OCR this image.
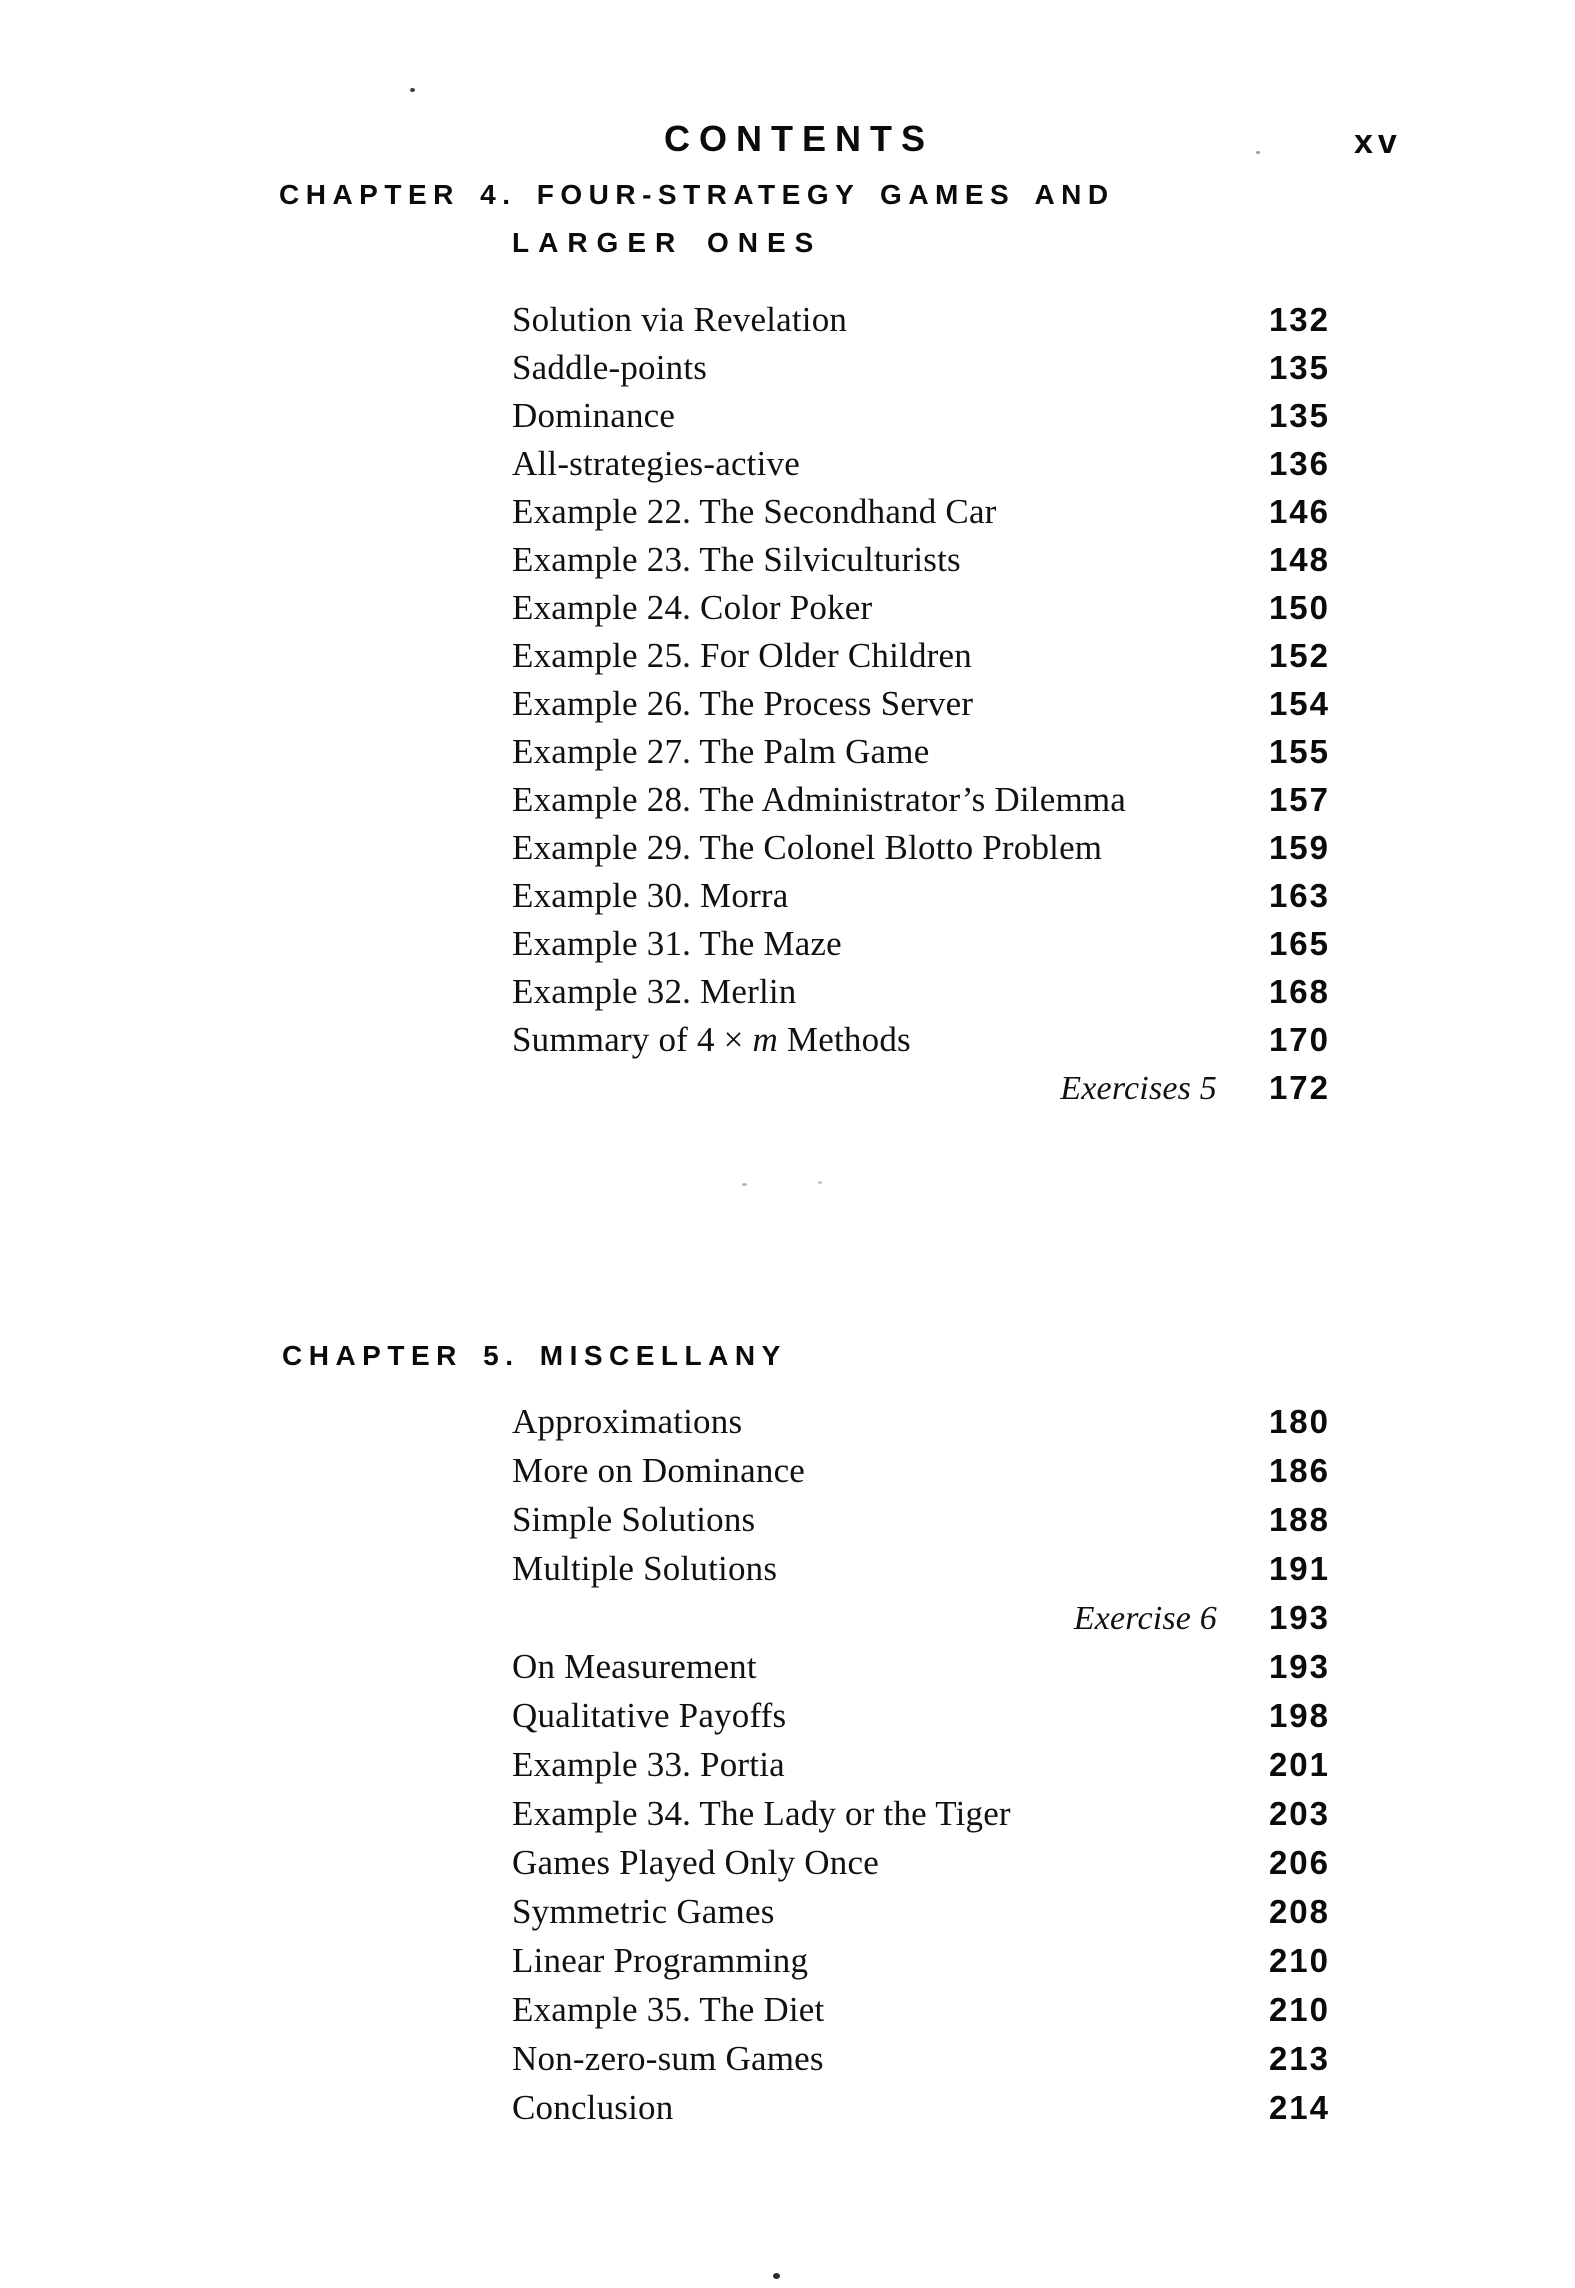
CONTENTS	xv
CHAPTER 4. FOUR-STRATEGY GAMES AND
LARGER ONES
Solution via Revelation	132
Saddle-points	135
Dominance	135
All-strategies-active	136
Example 22. The Secondhand Car	146
Example 23. The Silviculturists	148
Example 24. Color Poker	150
Example 25. For Older Children	152
Example 26. The Process Server	154
Example 27. The Palm Game	155
Example 28. The Administrator’s Dilemma	157
Example 29. The Colonel Blotto Problem	159
Example 30. Morra	163
Example 31. The Maze	165
Example 32. Merlin	168
Summary of 4 × m Methods	170
Exercises 5	172
CHAPTER 5. MISCELLANY
Approximations	180
More on Dominance	186
Simple Solutions	188
Multiple Solutions	191
Exercise 6	193
On Measurement	193
Qualitative Payoffs	198
Example 33. Portia	201
Example 34. The Lady or the Tiger	203
Games Played Only Once	206
Symmetric Games	208
Linear Programming	210
Example 35. The Diet	210
Non-zero-sum Games	213
Conclusion	214
